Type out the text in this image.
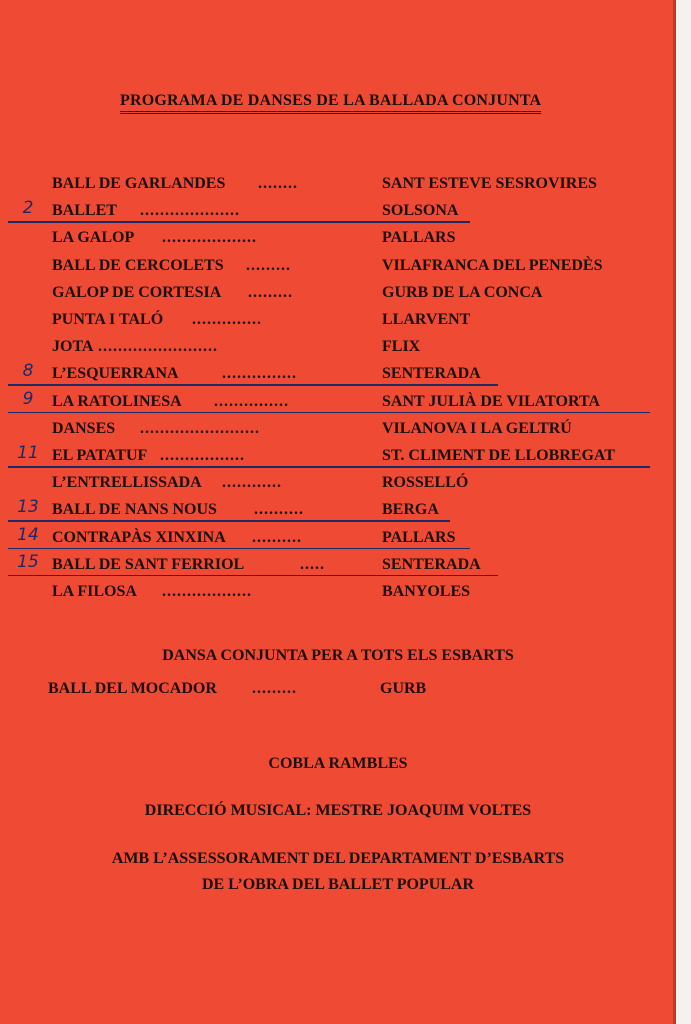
PROGRAMA DE DANSES DE LA BALLADA CONJUNTA
BALL DE GARLANDES ........	SANT ESTEVE SESROVIRES
2	BALLET ....................	SOLSONA
LA GALOP ...................	PALLARS
BALL DE CERCOLETS .........	VILAFRANCA DEL PENEDÈS
GALOP DE CORTESIA .........	GURB DE LA CONCA
PUNTA I TALÓ ..............	LLARVENT
JOTA ........................	FLIX
8	L’ESQUERRANA	...............	SENTERADA
9	LA RATOLINESA ...............	SANT JULIÀ DE VILATORTA
DANSES ........................	VILANOVA I LA GELTRÚ
11 EL PATATUF .................	ST. CLIMENT DE LLOBREGAT
L’ENTRELLISSADA ............	ROSSELLÓ
13 BALL DE NANS NOUS ..........	BERGA
14 CONTRAPÀS XINXINA ..........	PALLARS
15 BALL DE SANT FERRIOL	.....	SENTERADA
LA FILOSA ..................	BANYOLES
DANSA CONJUNTA PER A TOTS ELS ESBARTS
BALL DEL MOCADOR .........	GURB
COBLA RAMBLES
DIRECCIÓ MUSICAL: MESTRE JOAQUIM VOLTES
AMB L’ASSESSORAMENT DEL DEPARTAMENT D’ESBARTS
DE L’OBRA DEL BALLET POPULAR
